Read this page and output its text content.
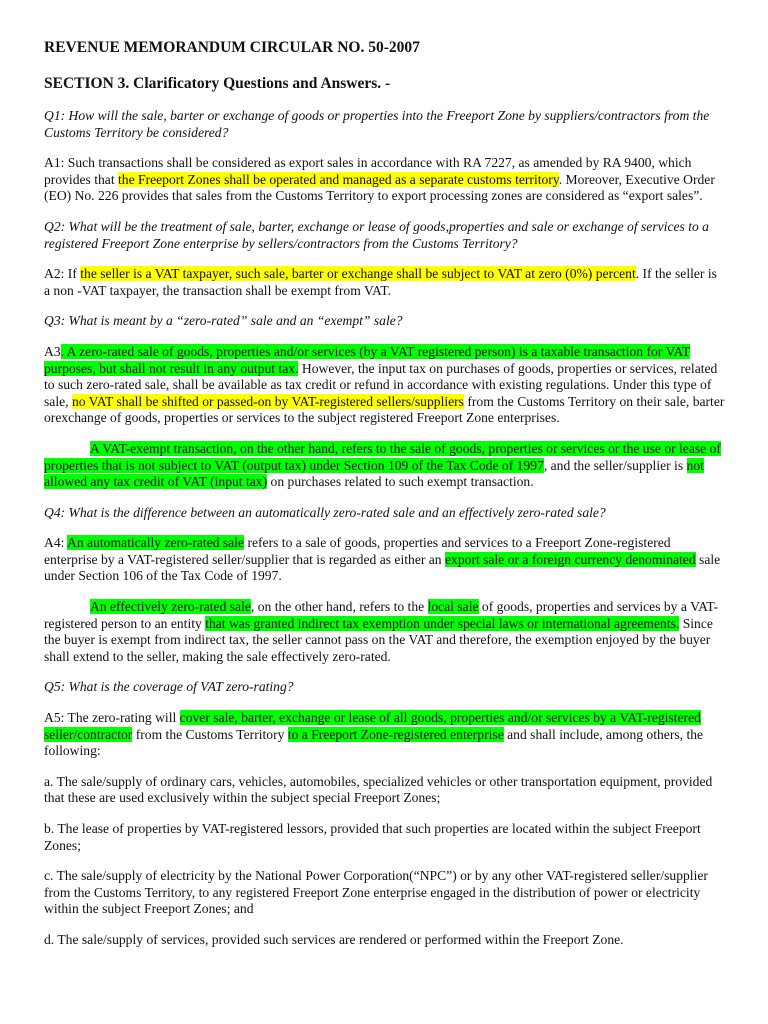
REVENUE MEMORANDUM CIRCULAR NO. 50-2007

SECTION 3. Clarificatory Questions and Answers. -

Q1: How will the sale, barter or exchange of goods or properties into the Freeport Zone by suppliers/contractors from the Customs Territory be considered?

A1: Such transactions shall be considered as export sales in accordance with RA 7227, as amended by RA 9400, which provides that the Freeport Zones shall be operated and managed as a separate customs territory. Moreover, Executive Order (EO) No. 226 provides that sales from the Customs Territory to export processing zones are considered as “export sales”.

Q2: What will be the treatment of sale, barter, exchange or lease of goods,properties and sale or exchange of services to a registered Freeport Zone enterprise by sellers/contractors from the Customs Territory?

A2: If the seller is a VAT taxpayer, such sale, barter or exchange shall be subject to VAT at zero (0%) percent. If the seller is a non -VAT taxpayer, the transaction shall be exempt from VAT.

Q3: What is meant by a “zero-rated” sale and an “exempt” sale?

A3. A zero-rated sale of goods, properties and/or services (by a VAT registered person) is a taxable transaction for VAT purposes, but shall not result in any output tax. However, the input tax on purchases of goods, properties or services, related to such zero-rated sale, shall be available as tax credit or refund in accordance with existing regulations. Under this type of sale, no VAT shall be shifted or passed-on by VAT-registered sellers/suppliers from the Customs Territory on their sale, barter orexchange of goods, properties or services to the subject registered Freeport Zone enterprises.

A VAT-exempt transaction, on the other hand, refers to the sale of goods, properties or services or the use or lease of properties that is not subject to VAT (output tax) under Section 109 of the Tax Code of 1997, and the seller/supplier is not allowed any tax credit of VAT (input tax) on purchases related to such exempt transaction.

Q4: What is the difference between an automatically zero-rated sale and an effectively zero-rated sale?

A4: An automatically zero-rated sale refers to a sale of goods, properties and services to a Freeport Zone-registered enterprise by a VAT-registered seller/supplier that is regarded as either an export sale or a foreign currency denominated sale under Section 106 of the Tax Code of 1997.

An effectively zero-rated sale, on the other hand, refers to the local sale of goods, properties and services by a VAT-registered person to an entity that was granted indirect tax exemption under special laws or international agreements. Since the buyer is exempt from indirect tax, the seller cannot pass on the VAT and therefore, the exemption enjoyed by the buyer shall extend to the seller, making the sale effectively zero-rated.

Q5: What is the coverage of VAT zero-rating?

A5: The zero-rating will cover sale, barter, exchange or lease of all goods, properties and/or services by a VAT-registered seller/contractor from the Customs Territory to a Freeport Zone-registered enterprise and shall include, among others, the following:

a. The sale/supply of ordinary cars, vehicles, automobiles, specialized vehicles or other transportation equipment, provided that these are used exclusively within the subject special Freeport Zones;

b. The lease of properties by VAT-registered lessors, provided that such properties are located within the subject Freeport Zones;

c. The sale/supply of electricity by the National Power Corporation(“NPC”) or by any other VAT-registered seller/supplier from the Customs Territory, to any registered Freeport Zone enterprise engaged in the distribution of power or electricity within the subject Freeport Zones; and

d. The sale/supply of services, provided such services are rendered or performed within the Freeport Zone.
